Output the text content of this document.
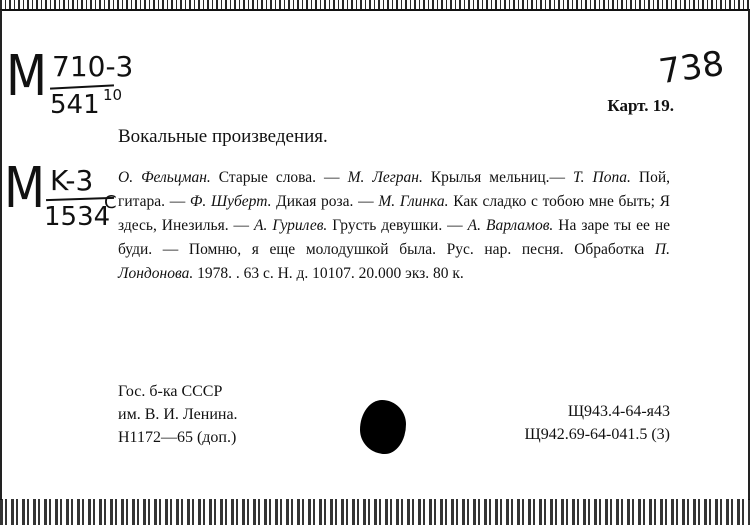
M 710-3
541 10
M K-3
1534
C
738
Карт. 19.
Вокальные произведения.
О. Фельцман. Старые слова. — М. Легран. Крылья мельниц.— Т. Попа. Пой, гитара. — Ф. Шуберт. Дикая роза. — М. Глинка. Как сладко с тобою мне быть; Я здесь, Инезилья. — А. Гурилев. Грусть девушки. — А. Варламов. На заре ты ее не буди. — Помню, я еще молодушкой была. Рус. нар. песня. Обработка П. Лондонова. 1978. . 63 с. Н. д. 10107. 20.000 экз. 80 к.
Гос. б-ка СССР
им. В. И. Ленина.
Н1172—65 (доп.)
Щ943.4-64-я43
Щ942.69-64-041.5 (3)
